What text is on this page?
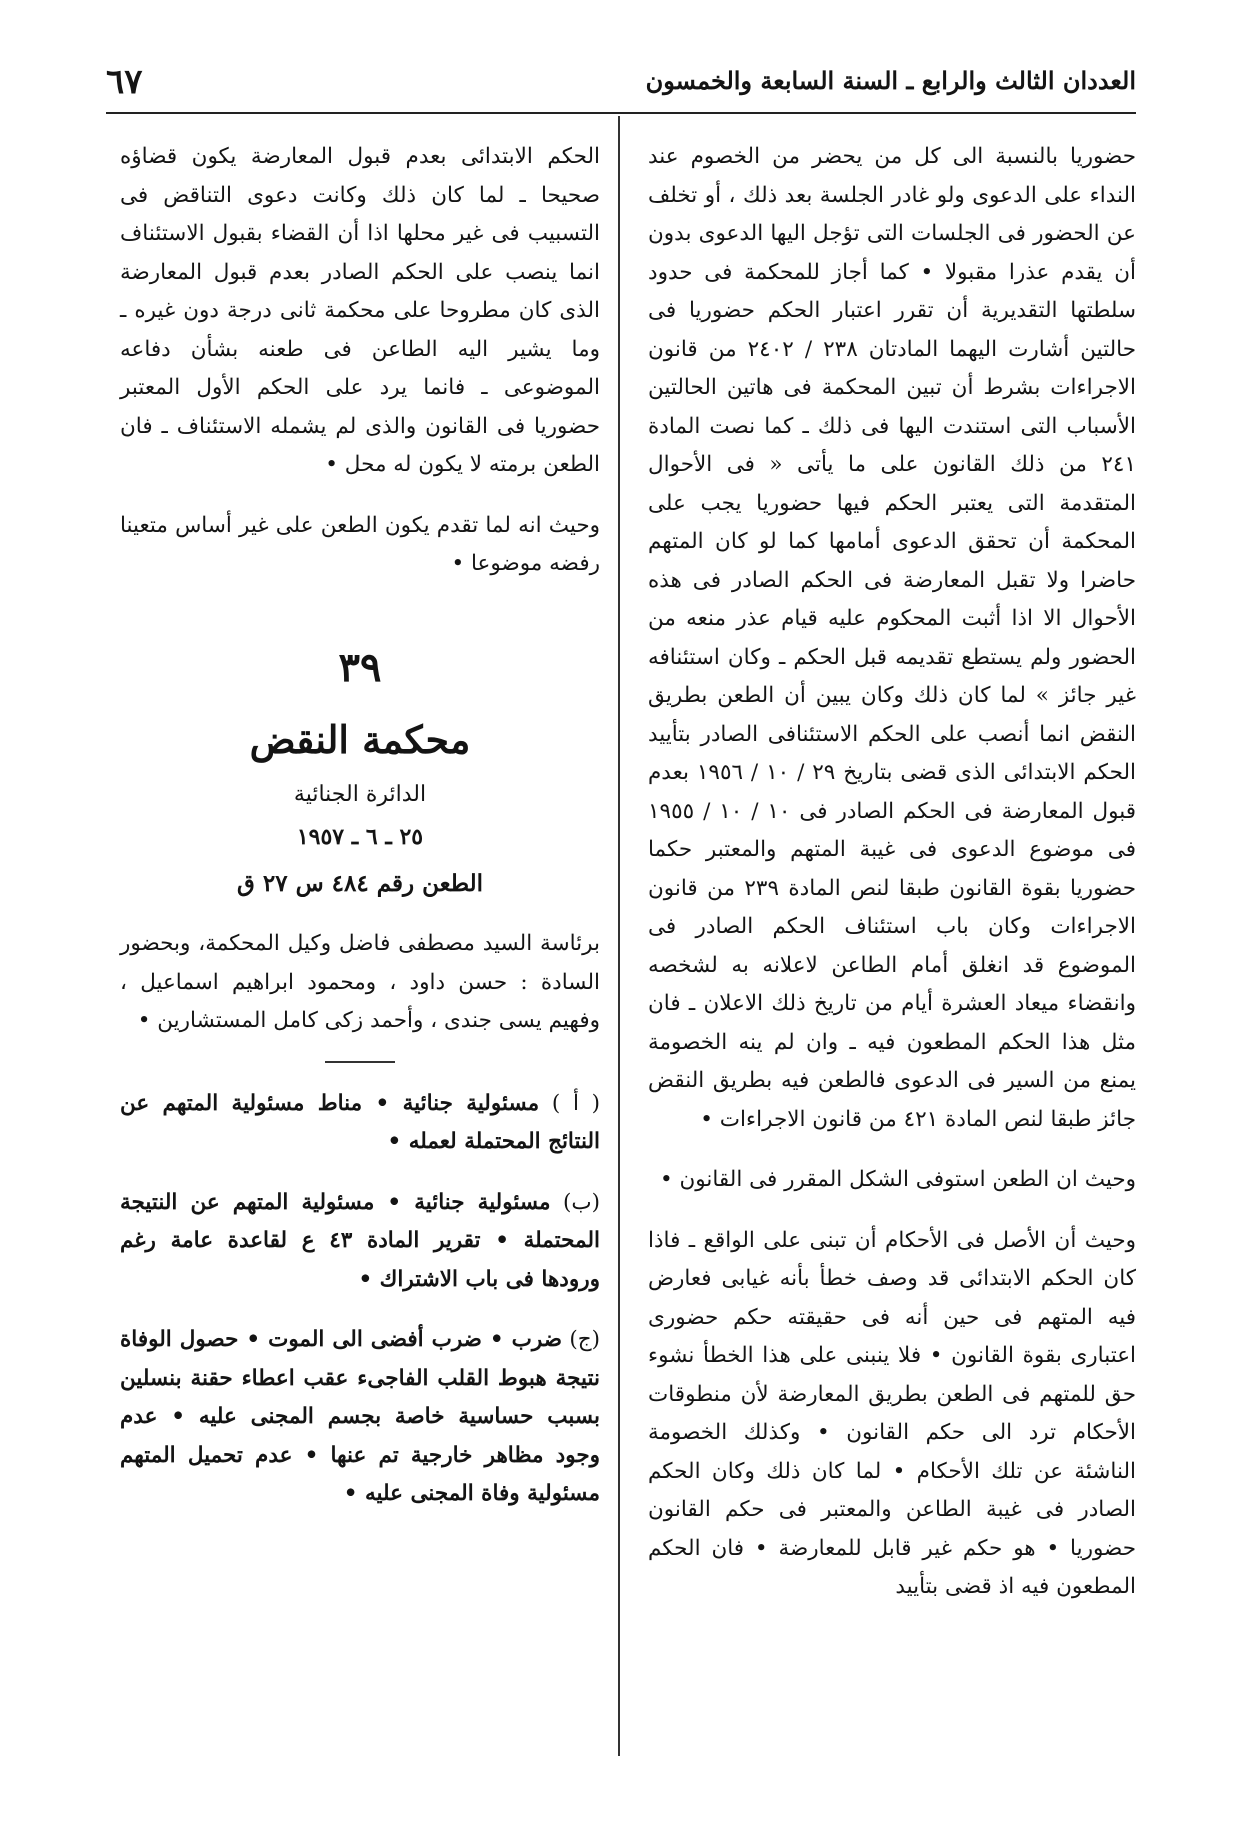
٦٧	العددان الثالث والرابع ـ السنة السابعة والخمسون

حضوريا بالنسبة الى كل من يحضر من الخصوم عند النداء على الدعوى ولو غادر الجلسة بعد ذلك ، أو تخلف عن الحضور فى الجلسات التى تؤجل اليها الدعوى بدون أن يقدم عذرا مقبولا • كما أجاز للمحكمة فى حدود سلطتها التقديرية أن تقرر اعتبار الحكم حضوريا فى حالتين أشارت اليهما المادتان ٢٣٨ / ٢٤٠٢ من قانون الاجراءات بشرط أن تبين المحكمة فى هاتين الحالتين الأسباب التى استندت اليها فى ذلك ـ كما نصت المادة ٢٤١ من ذلك القانون على ما يأتى « فى الأحوال المتقدمة التى يعتبر الحكم فيها حضوريا يجب على المحكمة أن تحقق الدعوى أمامها كما لو كان المتهم حاضرا ولا تقبل المعارضة فى الحكم الصادر فى هذه الأحوال الا اذا أثبت المحكوم عليه قيام عذر منعه من الحضور ولم يستطع تقديمه قبل الحكم ـ وكان استئنافه غير جائز » لما كان ذلك وكان يبين أن الطعن بطريق النقض انما أنصب على الحكم الاستئنافى الصادر بتأييد الحكم الابتدائى الذى قضى بتاريخ ٢٩ / ١٠ / ١٩٥٦ بعدم قبول المعارضة فى الحكم الصادر فى ١٠ / ١٠ / ١٩٥٥ فى موضوع الدعوى فى غيبة المتهم والمعتبر حكما حضوريا بقوة القانون طبقا لنص المادة ٢٣٩ من قانون الاجراءات وكان باب استئناف الحكم الصادر فى الموضوع قد انغلق أمام الطاعن لاعلانه به لشخصه وانقضاء ميعاد العشرة أيام من تاريخ ذلك الاعلان ـ فان مثل هذا الحكم المطعون فيه ـ وان لم ينه الخصومة يمنع من السير فى الدعوى فالطعن فيه بطريق النقض جائز طبقا لنص المادة ٤٢١ من قانون الاجراءات •

وحيث ان الطعن استوفى الشكل المقرر فى القانون •

وحيث أن الأصل فى الأحكام أن تبنى على الواقع ـ فاذا كان الحكم الابتدائى قد وصف خطأ بأنه غيابى فعارض فيه المتهم فى حين أنه فى حقيقته حكم حضورى اعتبارى بقوة القانون • فلا ينبنى على هذا الخطأ نشوء حق للمتهم فى الطعن بطريق المعارضة لأن منطوقات الأحكام ترد الى حكم القانون • وكذلك الخصومة الناشئة عن تلك الأحكام • لما كان ذلك وكان الحكم الصادر فى غيبة الطاعن والمعتبر فى حكم القانون حضوريا • هو حكم غير قابل للمعارضة • فان الحكم المطعون فيه اذ قضى بتأييد

الحكم الابتدائى بعدم قبول المعارضة يكون قضاؤه صحيحا ـ لما كان ذلك وكانت دعوى التناقض فى التسبيب فى غير محلها اذا أن القضاء بقبول الاستئناف انما ينصب على الحكم الصادر بعدم قبول المعارضة الذى كان مطروحا على محكمة ثانى درجة دون غيره ـ وما يشير اليه الطاعن فى طعنه بشأن دفاعه الموضوعى ـ فانما يرد على الحكم الأول المعتبر حضوريا فى القانون والذى لم يشمله الاستئناف ـ فان الطعن برمته لا يكون له محل •

وحيث انه لما تقدم يكون الطعن على غير أساس متعينا رفضه موضوعا •

٣٩
محكمة النقض
الدائرة الجنائية
٢٥ ـ ٦ ـ ١٩٥٧
الطعن رقم ٤٨٤ س ٢٧ ق

برئاسة السيد مصطفى فاضل وكيل المحكمة، وبحضور السادة : حسن داود ، ومحمود ابراهيم اسماعيل ، وفهيم يسى جندى ، وأحمد زكى كامل المستشارين •

( أ ) مسئولية جنائية • مناط مسئولية المتهم عن النتائج المحتملة لعمله •

(ب) مسئولية جنائية • مسئولية المتهم عن النتيجة المحتملة • تقرير المادة ٤٣ ع لقاعدة عامة رغم ورودها فى باب الاشتراك •

(ج) ضرب • ضرب أفضى الى الموت • حصول الوفاة نتيجة هبوط القلب الفاجىء عقب اعطاء حقنة بنسلين بسبب حساسية خاصة بجسم المجنى عليه • عدم وجود مظاهر خارجية تم عنها • عدم تحميل المتهم مسئولية وفاة المجنى عليه •
